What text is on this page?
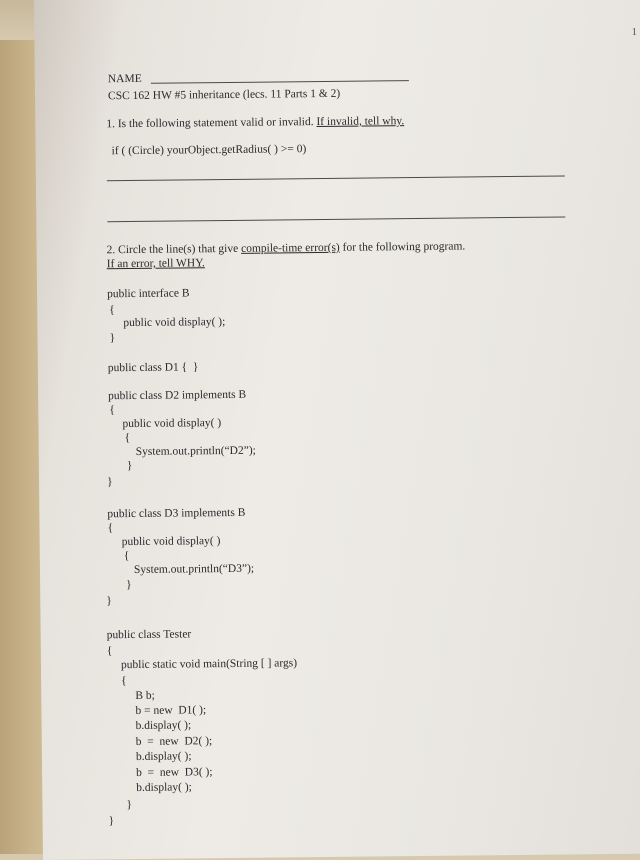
NAME
CSC 162 HW #5 inheritance (lecs. 11 Parts 1 & 2)
1. Is the following statement valid or invalid. If invalid, tell why.
if ( (Circle) yourObject.getRadius( ) >= 0)
2. Circle the line(s) that give compile-time error(s) for the following program.
If an error, tell WHY.
public interface B
{
public void display( );
}
public class D1 {  }
public class D2 implements B
{
public void display( )
{
System.out.println(“D2”);
}
}
public class D3 implements B
{
public void display( )
{
System.out.println(“D3”);
}
}
public class Tester
{
public static void main(String [ ] args)
{
B b;
b = new  D1( );
b.display( );
b  =  new  D2( );
b.display( );
b  =  new  D3( );
b.display( );
}
}
1
